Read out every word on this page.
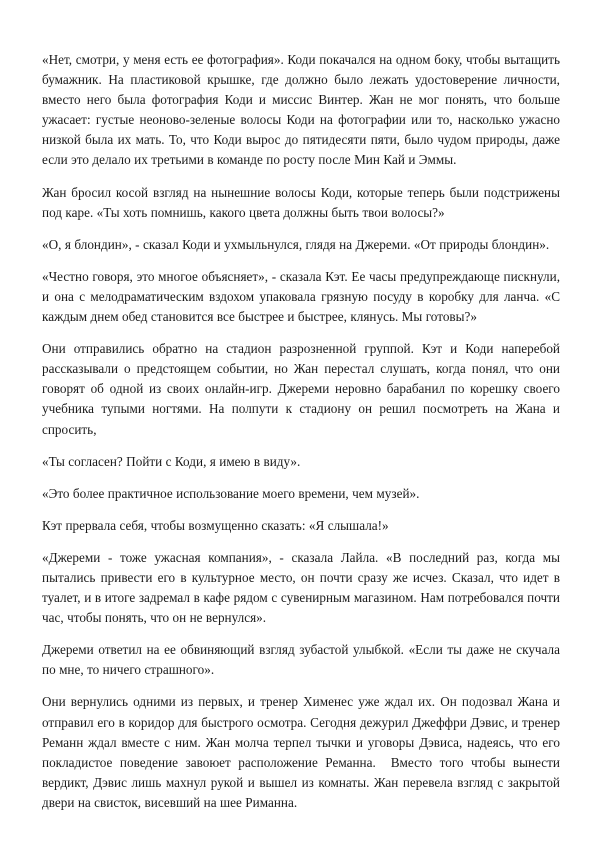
«Нет, смотри, у меня есть ее фотография». Коди покачался на одном боку, чтобы вытащить бумажник. На пластиковой крышке, где должно было лежать удостоверение личности, вместо него была фотография Коди и миссис Винтер. Жан не мог понять, что больше ужасает: густые неоново-зеленые волосы Коди на фотографии или то, насколько ужасно низкой была их мать. То, что Коди вырос до пятидесяти пяти, было чудом природы, даже если это делало их третьими в команде по росту после Мин Кай и Эммы.

Жан бросил косой взгляд на нынешние волосы Коди, которые теперь были подстрижены под каре. «Ты хоть помнишь, какого цвета должны быть твои волосы?»

«О, я блондин», - сказал Коди и ухмыльнулся, глядя на Джереми. «От природы блондин».

«Честно говоря, это многое объясняет», - сказала Кэт. Ее часы предупреждающе пискнули, и она с мелодраматическим вздохом упаковала грязную посуду в коробку для ланча. «С каждым днем обед становится все быстрее и быстрее, клянусь. Мы готовы?»

Они отправились обратно на стадион разрозненной группой. Кэт и Коди наперебой рассказывали о предстоящем событии, но Жан перестал слушать, когда понял, что они говорят об одной из своих онлайн-игр. Джереми неровно барабанил по корешку своего учебника тупыми ногтями. На полпути к стадиону он решил посмотреть на Жана и спросить,

«Ты согласен? Пойти с Коди, я имею в виду».

«Это более практичное использование моего времени, чем музей».

Кэт прервала себя, чтобы возмущенно сказать: «Я слышала!»

«Джереми - тоже ужасная компания», - сказала Лайла. «В последний раз, когда мы пытались привести его в культурное место, он почти сразу же исчез. Сказал, что идет в туалет, и в итоге задремал в кафе рядом с сувенирным магазином. Нам потребовался почти час, чтобы понять, что он не вернулся».

Джереми ответил на ее обвиняющий взгляд зубастой улыбкой. «Если ты даже не скучала по мне, то ничего страшного».

Они вернулись одними из первых, и тренер Хименес уже ждал их. Он подозвал Жана и отправил его в коридор для быстрого осмотра. Сегодня дежурил Джеффри Дэвис, и тренер Реманн ждал вместе с ним. Жан молча терпел тычки и уговоры Дэвиса, надеясь, что его покладистое поведение завоюет расположение Реманна.  Вместо того чтобы вынести вердикт, Дэвис лишь махнул рукой и вышел из комнаты. Жан перевела взгляд с закрытой двери на свисток, висевший на шее Риманна.
